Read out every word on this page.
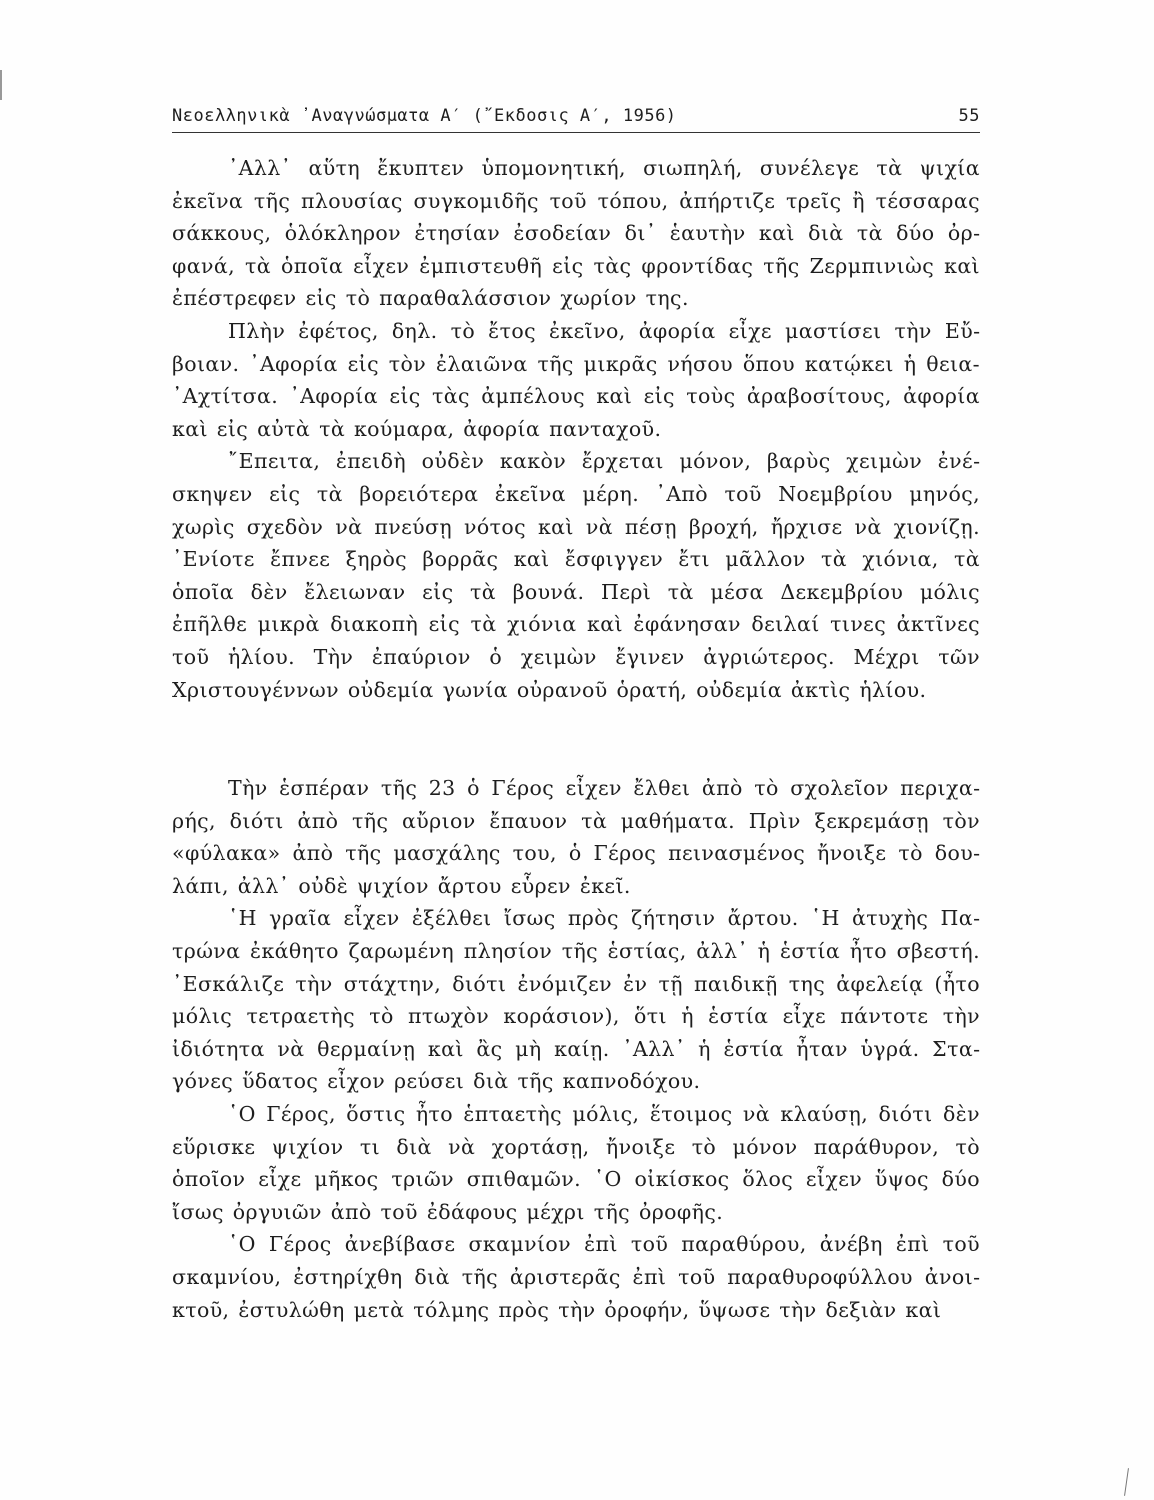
Νεοελληνικὰ ᾿Αναγνώσματα Α′ (῎Εκδοσις Α′, 1956)	55

᾿Αλλ᾿ αὕτη ἔκυπτεν ὑπομονητική, σιωπηλή, συνέλεγε τὰ ψιχία ἐκεῖνα τῆς πλουσίας συγκομιδῆς τοῦ τόπου, ἀπήρτιζε τρεῖς ἢ τέσσαρας σάκκους, ὁλόκληρον ἐτησίαν ἐσοδείαν δι᾿ ἑαυτὴν καὶ διὰ τὰ δύο ὀρφανά, τὰ ὁποῖα εἶχεν ἐμπιστευθῆ εἰς τὰς φροντίδας τῆς Ζερμπινιὼς καὶ ἐπέστρεφεν εἰς τὸ παραθαλάσσιον χωρίον της.

Πλὴν ἐφέτος, δηλ. τὸ ἔτος ἐκεῖνο, ἀφορία εἶχε μαστίσει τὴν Εὔβοιαν. ᾿Αφορία εἰς τὸν ἐλαιῶνα τῆς μικρᾶς νήσου ὅπου κατῴκει ἡ θεια-᾿Αχτίτσα. ᾿Αφορία εἰς τὰς ἀμπέλους καὶ εἰς τοὺς ἀραβοσίτους, ἀφορία καὶ εἰς αὐτὰ τὰ κούμαρα, ἀφορία πανταχοῦ.

῎Επειτα, ἐπειδὴ οὐδὲν κακὸν ἔρχεται μόνον, βαρὺς χειμὼν ἐνέσκηψεν εἰς τὰ βορειότερα ἐκεῖνα μέρη. ᾿Απὸ τοῦ Νοεμβρίου μηνός, χωρὶς σχεδὸν νὰ πνεύσῃ νότος καὶ νὰ πέσῃ βροχή, ἤρχισε νὰ χιονίζῃ. ᾿Ενίοτε ἔπνεε ξηρὸς βορρᾶς καὶ ἔσφιγγεν ἔτι μᾶλλον τὰ χιόνια, τὰ ὁποῖα δὲν ἔλειωναν εἰς τὰ βουνά. Περὶ τὰ μέσα Δεκεμβρίου μόλις ἐπῆλθε μικρὰ διακοπὴ εἰς τὰ χιόνια καὶ ἐφάνησαν δειλαί τινες ἀκτῖνες τοῦ ἡλίου. Τὴν ἐπαύριον ὁ χειμὼν ἔγινεν ἀγριώτερος. Μέχρι τῶν Χριστουγέννων οὐδεμία γωνία οὐρανοῦ ὁρατή, οὐδεμία ἀκτὶς ἡλίου.

Τὴν ἑσπέραν τῆς 23 ὁ Γέρος εἶχεν ἔλθει ἀπὸ τὸ σχολεῖον περιχαρής, διότι ἀπὸ τῆς αὔριον ἔπαυον τὰ μαθήματα. Πρὶν ξεκρεμάσῃ τὸν «φύλακα» ἀπὸ τῆς μασχάλης του, ὁ Γέρος πεινασμένος ἤνοιξε τὸ δουλάπι, ἀλλ᾿ οὐδὲ ψιχίον ἄρτου εὗρεν ἐκεῖ.

῾Η γραῖα εἶχεν ἐξέλθει ἴσως πρὸς ζήτησιν ἄρτου. ῾Η ἀτυχὴς Πατρώνα ἐκάθητο ζαρωμένη πλησίον τῆς ἑστίας, ἀλλ᾿ ἡ ἑστία ἦτο σβεστή. ᾿Εσκάλιζε τὴν στάχτην, διότι ἐνόμιζεν ἐν τῇ παιδικῇ της ἀφελείᾳ (ἦτο μόλις τετραετὴς τὸ πτωχὸν κοράσιον), ὅτι ἡ ἑστία εἶχε πάντοτε τὴν ἰδιότητα νὰ θερμαίνῃ καὶ ἂς μὴ καίῃ. ᾿Αλλ᾿ ἡ ἑστία ἦταν ὑγρά. Σταγόνες ὕδατος εἶχον ρεύσει διὰ τῆς καπνοδόχου.

῾Ο Γέρος, ὅστις ἦτο ἑπταετὴς μόλις, ἕτοιμος νὰ κλαύσῃ, διότι δὲν εὕρισκε ψιχίον τι διὰ νὰ χορτάσῃ, ἤνοιξε τὸ μόνον παράθυρον, τὸ ὁποῖον εἶχε μῆκος τριῶν σπιθαμῶν. ῾Ο οἰκίσκος ὅλος εἶχεν ὕψος δύο ἴσως ὀργυιῶν ἀπὸ τοῦ ἐδάφους μέχρι τῆς ὀροφῆς.

῾Ο Γέρος ἀνεβίβασε σκαμνίον ἐπὶ τοῦ παραθύρου, ἀνέβη ἐπὶ τοῦ σκαμνίου, ἐστηρίχθη διὰ τῆς ἀριστερᾶς ἐπὶ τοῦ παραθυροφύλλου ἀνοικτοῦ, ἐστυλώθη μετὰ τόλμης πρὸς τὴν ὀροφήν, ὕψωσε τὴν δεξιὰν καὶ
